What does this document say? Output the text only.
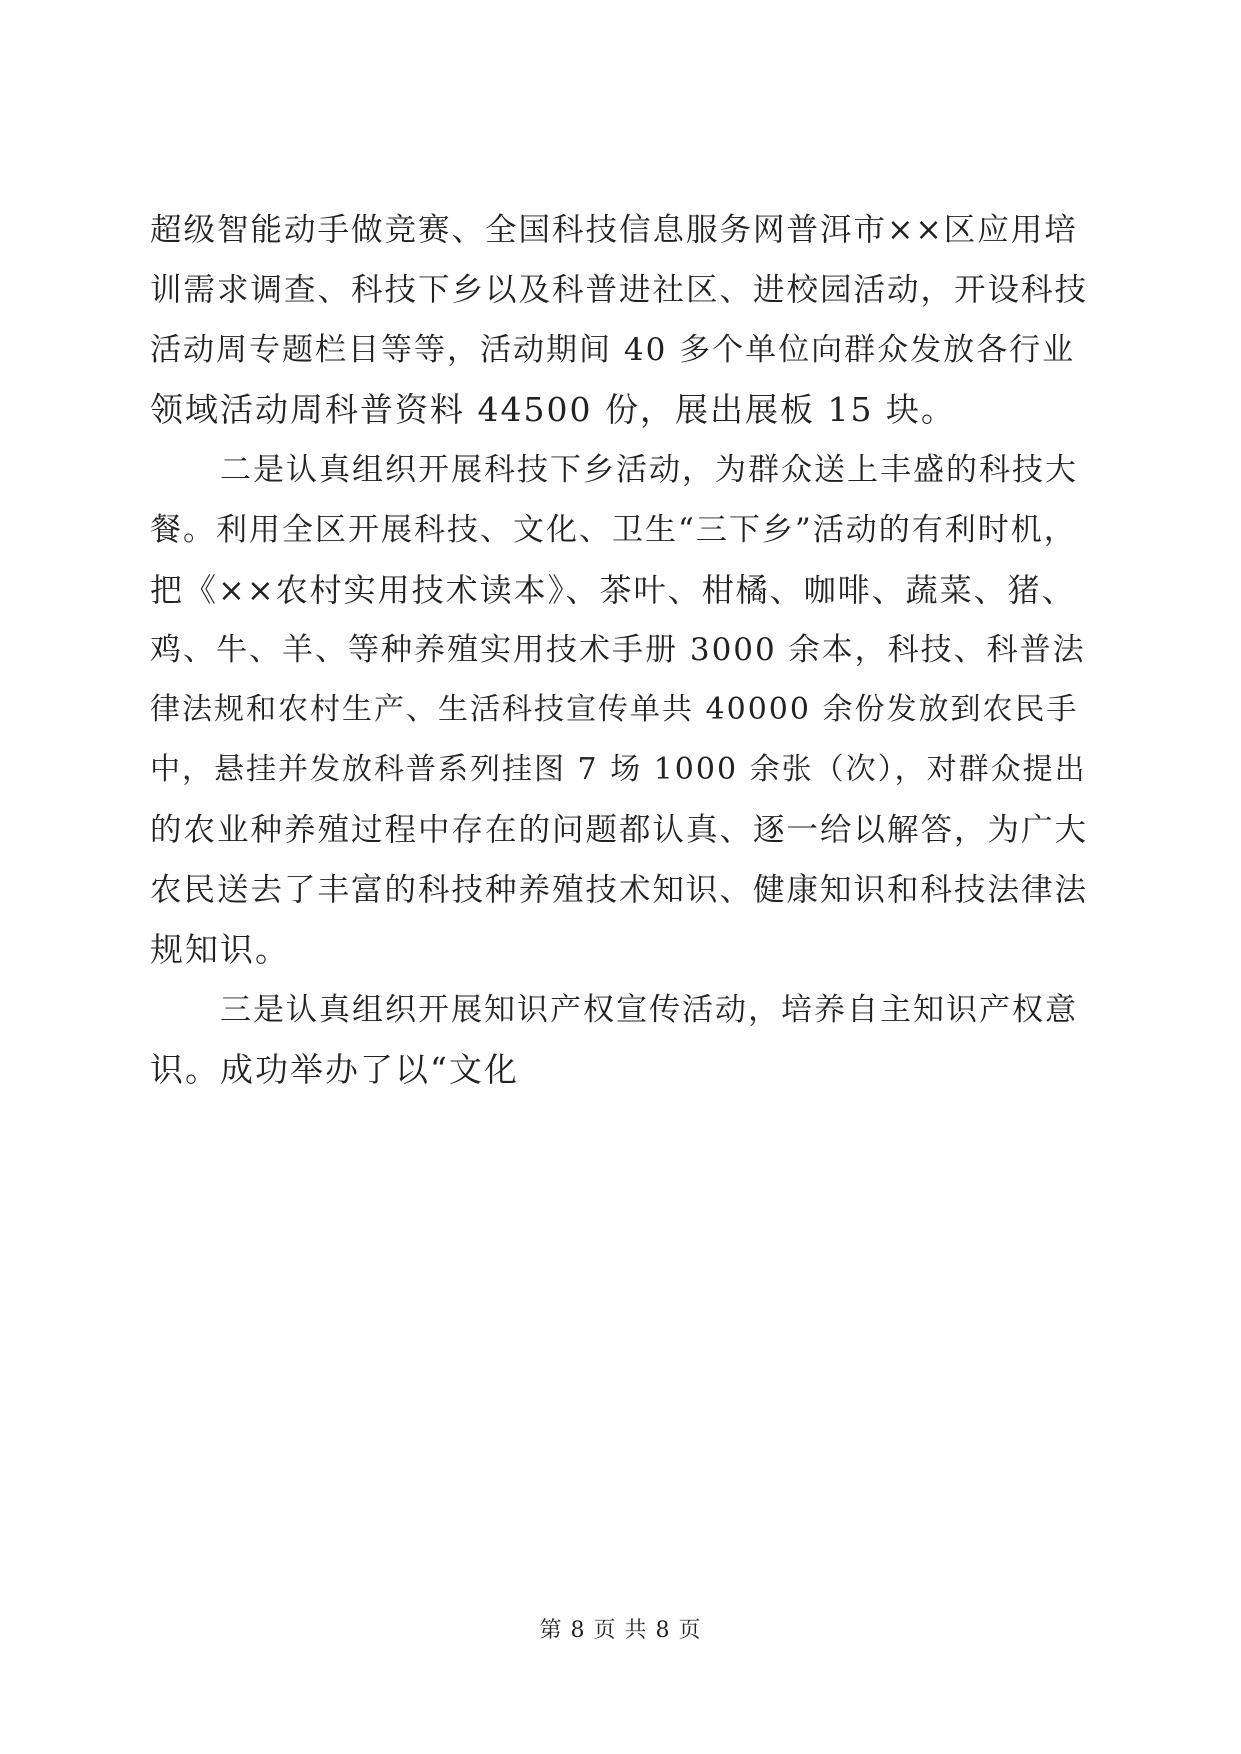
超级智能动手做竞赛、全国科技信息服务网普洱市××区应用培
训需求调查、科技下乡以及科普进社区、进校园活动，开设科技
活动周专题栏目等等，活动期间 40 多个单位向群众发放各行业
领域活动周科普资料 44500 份，展出展板 15 块。

二是认真组织开展科技下乡活动，为群众送上丰盛的科技大
餐。利用全区开展科技、文化、卫生“三下乡”活动的有利时机，
把《××农村实用技术读本》、茶叶、柑橘、咖啡、蔬菜、猪、
鸡、牛、羊、等种养殖实用技术手册 3000 余本，科技、科普法
律法规和农村生产、生活科技宣传单共 40000 余份发放到农民手
中，悬挂并发放科普系列挂图 7 场 1000 余张（次），对群众提出
的农业种养殖过程中存在的问题都认真、逐一给以解答，为广大
农民送去了丰富的科技种养殖技术知识、健康知识和科技法律法
规知识。

三是认真组织开展知识产权宣传活动，培养自主知识产权意
识。成功举办了以“文化

第 8 页 共 8 页
